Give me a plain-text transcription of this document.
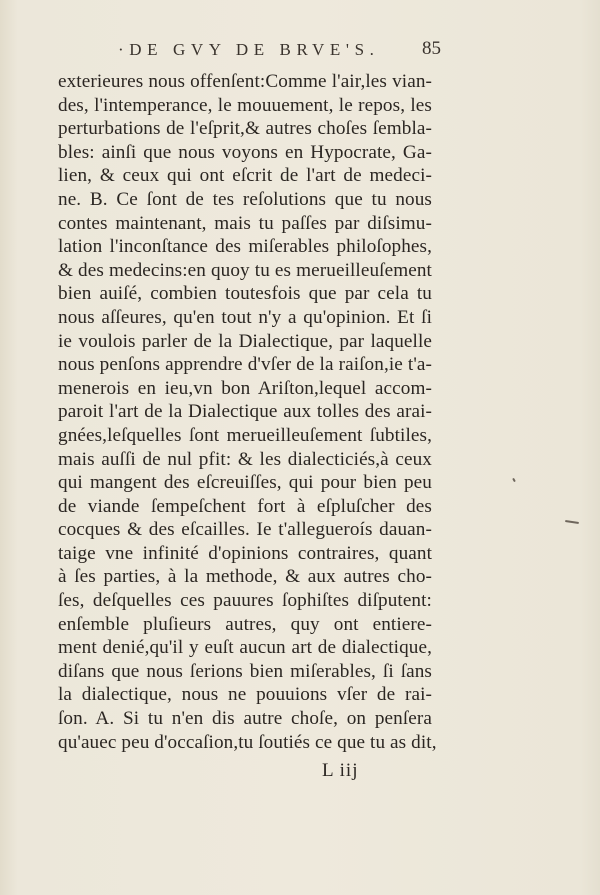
·DE GVY DE BRVE'S. 85
exterieures nous offenſent:Comme l'air,les vian-
des, l'intemperance, le mouuement, le repos, les
perturbations de l'eſprit,& autres choſes ſembla-
bles: ainſi que nous voyons en Hypocrate, Ga-
lien, & ceux qui ont eſcrit de l'art de medeci-
ne. B. Ce ſont de tes reſolutions que tu nous
contes maintenant, mais tu paſſes par diſsimu-
lation l'inconſtance des miſerables philoſophes,
& des medecins:en quoy tu es merueilleuſement
bien auiſé, combien toutesfois que par cela tu
nous aſſeures, qu'en tout n'y a qu'opinion. Et ſi
ie voulois parler de la Dialectique, par laquelle
nous penſons apprendre d'vſer de la raiſon,ie t'a-
menerois en ieu,vn bon Ariſton,lequel accom-
paroit l'art de la Dialectique aux tolles des arai-
gnées,leſquelles ſont merueilleuſement ſubtiles,
mais auſſi de nul pfit: & les dialecticiés,à ceux
qui mangent des eſcreuiſſes, qui pour bien peu
de viande ſempeſchent fort à eſpluſcher des
cocques & des eſcailles. Ie t'allegueroís dauan-
taige vne infinité d'opinions contraires, quant
à ſes parties, à la methode, & aux autres cho-
ſes, deſquelles ces pauures ſophiſtes diſputent:
enſemble pluſieurs autres, quy ont entiere-
ment denié,qu'il y euſt aucun art de dialectique,
diſans que nous ſerions bien miſerables, ſi ſans
la dialectique, nous ne pouuions vſer de rai-
ſon. A. Si tu n'en dis autre choſe, on penſera
qu'auec peu d'occaſion,tu ſoutiés ce que tu as dit,
L iij
